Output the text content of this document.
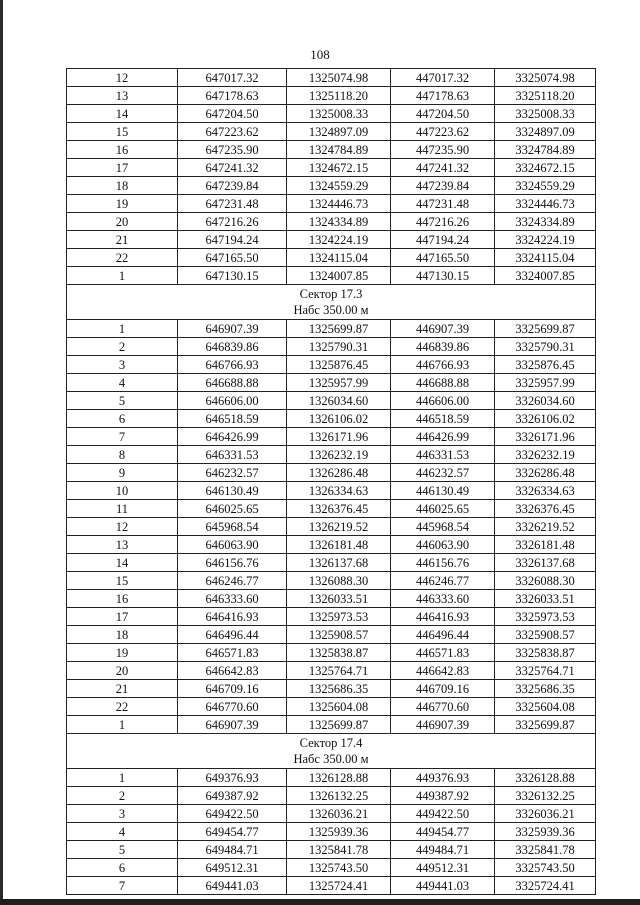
108
12	647017.32	1325074.98	447017.32	3325074.98
13	647178.63	1325118.20	447178.63	3325118.20
14	647204.50	1325008.33	447204.50	3325008.33
15	647223.62	1324897.09	447223.62	3324897.09
16	647235.90	1324784.89	447235.90	3324784.89
17	647241.32	1324672.15	447241.32	3324672.15
18	647239.84	1324559.29	447239.84	3324559.29
19	647231.48	1324446.73	447231.48	3324446.73
20	647216.26	1324334.89	447216.26	3324334.89
21	647194.24	1324224.19	447194.24	3324224.19
22	647165.50	1324115.04	447165.50	3324115.04
1	647130.15	1324007.85	447130.15	3324007.85

Сектор 17.3
Набс 350.00 м				

1	646907.39	1325699.87	446907.39	3325699.87
2	646839.86	1325790.31	446839.86	3325790.31
3	646766.93	1325876.45	446766.93	3325876.45
4	646688.88	1325957.99	446688.88	3325957.99
5	646606.00	1326034.60	446606.00	3326034.60
6	646518.59	1326106.02	446518.59	3326106.02
7	646426.99	1326171.96	446426.99	3326171.96
8	646331.53	1326232.19	446331.53	3326232.19
9	646232.57	1326286.48	446232.57	3326286.48
10	646130.49	1326334.63	446130.49	3326334.63
11	646025.65	1326376.45	446025.65	3326376.45
12	645968.54	1326219.52	445968.54	3326219.52
13	646063.90	1326181.48	446063.90	3326181.48
14	646156.76	1326137.68	446156.76	3326137.68
15	646246.77	1326088.30	446246.77	3326088.30
16	646333.60	1326033.51	446333.60	3326033.51
17	646416.93	1325973.53	446416.93	3325973.53
18	646496.44	1325908.57	446496.44	3325908.57
19	646571.83	1325838.87	446571.83	3325838.87
20	646642.83	1325764.71	446642.83	3325764.71
21	646709.16	1325686.35	446709.16	3325686.35
22	646770.60	1325604.08	446770.60	3325604.08
1	646907.39	1325699.87	446907.39	3325699.87

Сектор 17.4
Набс 350.00 м				

1	649376.93	1326128.88	449376.93	3326128.88
2	649387.92	1326132.25	449387.92	3326132.25
3	649422.50	1326036.21	449422.50	3326036.21
4	649454.77	1325939.36	449454.77	3325939.36
5	649484.71	1325841.78	449484.71	3325841.78
6	649512.31	1325743.50	449512.31	3325743.50
7	649441.03	1325724.41	449441.03	3325724.41
